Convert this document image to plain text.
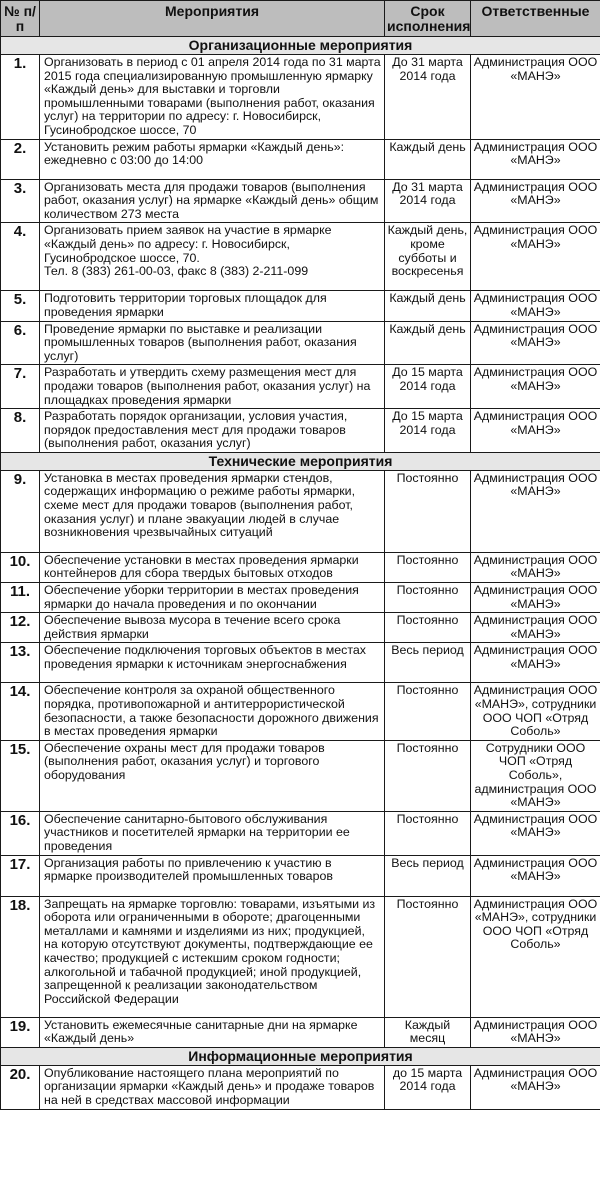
№ п/п	Мероприятия	Срок исполнения	Ответственные
Организационные мероприятия			
1.	Организовать в период с 01 апреля 2014 года по 31 марта 2015 года специализированную промышленную ярмарку «Каждый день» для выставки и торговли промышленными товарами (выполнения работ, оказания услуг) на территории по адресу: г. Новосибирск, Гусинобродское шоссе, 70	До 31 марта 2014 года	Администрация ООО «МАНЭ»
2.	Установить режим работы ярмарки «Каждый день»: ежедневно с 03:00 до 14:00	Каждый день	Администрация ООО «МАНЭ»
3.	Организовать места для продажи товаров (выполнения работ, оказания услуг) на ярмарке «Каждый день» общим количеством 273 места	До 31 марта 2014 года	Администрация ООО «МАНЭ»
4.	Организовать прием заявок на участие в ярмарке «Каждый день» по адресу: г. Новосибирск, Гусинобродское шоссе, 70.
Тел. 8 (383) 261-00-03, факс 8 (383) 2-211-099	Каждый день, кроме субботы и воскресенья	Администрация ООО «МАНЭ»
5.	Подготовить территории торговых площадок для проведения ярмарки	Каждый день	Администрация ООО «МАНЭ»
6.	Проведение ярмарки по выставке и реализации промышленных товаров (выполнения работ, оказания услуг)	Каждый день	Администрация ООО «МАНЭ»
7.	Разработать и утвердить схему размещения мест для продажи товаров (выполнения работ, оказания услуг) на площадках проведения ярмарки	До 15 марта 2014 года	Администрация ООО «МАНЭ»
8.	Разработать порядок организации, условия участия, порядок предоставления мест для продажи товаров (выполнения работ, оказания услуг)	До 15 марта 2014 года	Администрация ООО «МАНЭ»
Технические мероприятия			
9.	Установка в местах проведения ярмарки стендов, содержащих информацию о режиме работы ярмарки, схеме мест для продажи товаров (выполнения работ, оказания услуг) и плане эвакуации людей в случае возникновения чрезвычайных ситуаций	Постоянно	Администрация ООО «МАНЭ»
10.	Обеспечение установки в местах проведения ярмарки контейнеров для сбора твердых бытовых отходов	Постоянно	Администрация ООО «МАНЭ»
11.	Обеспечение уборки территории в местах проведения ярмарки до начала проведения и по окончании	Постоянно	Администрация ООО «МАНЭ»
12.	Обеспечение вывоза мусора в течение всего срока действия ярмарки	Постоянно	Администрация ООО «МАНЭ»
13.	Обеспечение подключения торговых объектов в местах проведения ярмарки к источникам энергоснабжения	Весь период	Администрация ООО «МАНЭ»
14.	Обеспечение контроля за охраной общественного порядка, противопожарной и антитеррористической безопасности, а также безопасности дорожного движения в местах проведения ярмарки	Постоянно	Администрация ООО «МАНЭ», сотрудники ООО ЧОП «Отряд Соболь»
15.	Обеспечение охраны мест для продажи товаров (выполнения работ, оказания услуг) и торгового оборудования	Постоянно	Сотрудники ООО ЧОП «Отряд Соболь», администрация ООО «МАНЭ»
16.	Обеспечение санитарно-бытового обслуживания участников и посетителей ярмарки на территории ее проведения	Постоянно	Администрация ООО «МАНЭ»
17.	Организация работы по привлечению к участию в ярмарке производителей промышленных товаров	Весь период	Администрация ООО «МАНЭ»
18.	Запрещать на ярмарке торговлю: товарами, изъятыми из оборота или ограниченными в обороте; драгоценными металлами и камнями и изделиями из них; продукцией, на которую отсутствуют документы, подтверждающие ее качество; продукцией с истекшим сроком годности; алкогольной и табачной продукцией; иной продукцией, запрещенной к реализации законодательством Российской Федерации	Постоянно	Администрация ООО «МАНЭ», сотрудники ООО ЧОП «Отряд Соболь»
19.	Установить ежемесячные санитарные дни на ярмарке «Каждый день»	Каждый месяц	Администрация ООО «МАНЭ»
Информационные мероприятия			
20.	Опубликование настоящего плана мероприятий по организации ярмарки «Каждый день» и продаже товаров на ней в средствах массовой информации	до 15 марта 2014 года	Администрация ООО «МАНЭ»
